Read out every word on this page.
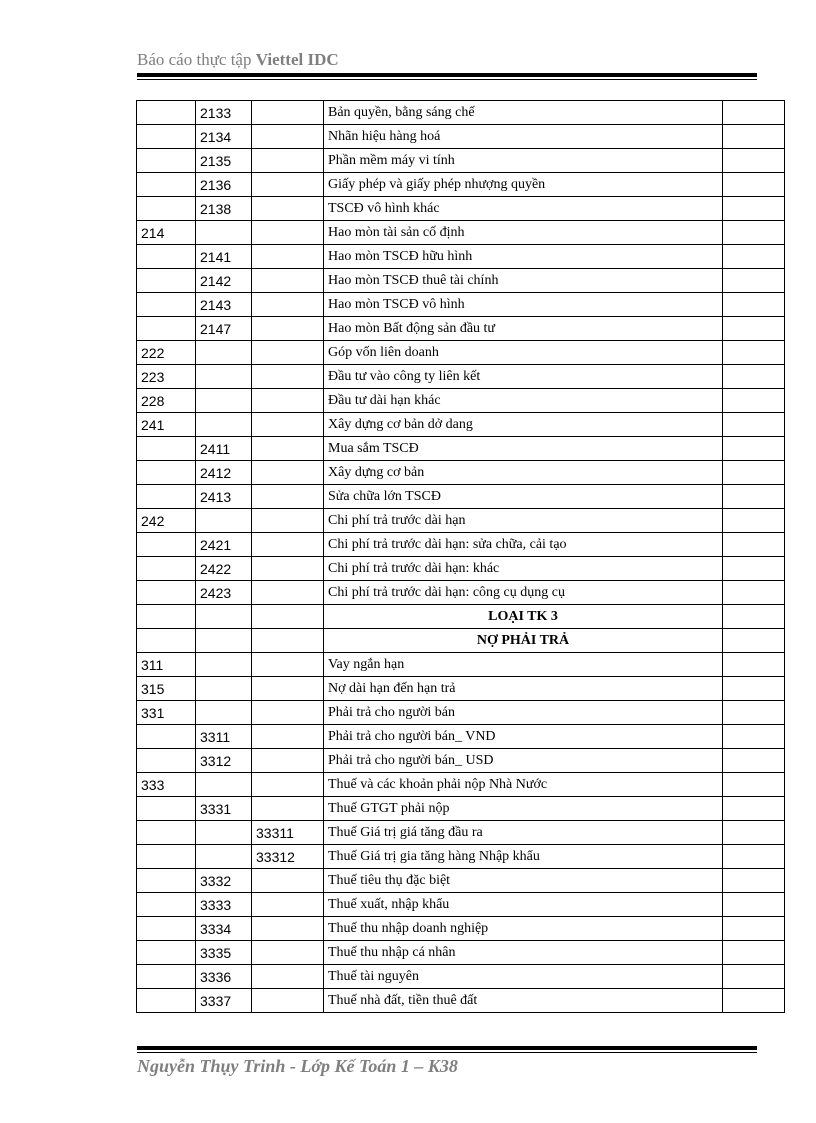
Báo cáo thực tập Viettel IDC
	2133		Bản quyền, bằng sáng chế	
	2134		Nhãn hiệu hàng hoá	
	2135		Phần mềm máy vi tính	
	2136		Giấy phép và giấy phép nhượng quyền	
	2138		TSCĐ vô hình khác	
214			Hao mòn tài sản cố định	
	2141		Hao mòn TSCĐ hữu hình	
	2142		Hao mòn TSCĐ thuê tài chính	
	2143		Hao mòn TSCĐ vô hình	
	2147		Hao mòn Bất động sản đầu tư	
222			Góp vốn liên doanh	
223			Đầu tư vào công ty liên kết	
228			Đầu tư dài hạn khác	
241			Xây dựng cơ bản dở dang	
	2411		Mua sắm TSCĐ	
	2412		Xây dựng cơ bản	
	2413		Sửa chữa lớn TSCĐ	
242			Chi phí trả trước dài hạn	
	2421		Chi phí trả trước dài hạn: sửa chữa, cải tạo	
	2422		Chi phí trả trước dài hạn: khác	
	2423		Chi phí trả trước dài hạn: công cụ dụng cụ	
			LOẠI TK 3	
			NỢ PHẢI TRẢ	
311			Vay ngắn hạn	
315			Nợ dài hạn đến hạn trả	
331			Phải trả cho người bán	
	3311		Phải trả cho người bán_ VND	
	3312		Phải trả cho người bán_ USD	
333			Thuế và các khoản phải nộp Nhà Nước	
	3331		Thuế GTGT phải nộp	
		33311	Thuế Giá trị giá tăng đầu ra	
		33312	Thuế Giá trị gia tăng hàng Nhập khẩu	
	3332		Thuế tiêu thụ đặc biệt	
	3333		Thuế xuất, nhập khẩu	
	3334		Thuế thu nhập doanh nghiệp	
	3335		Thuế thu nhập cá nhân	
	3336		Thuế tài nguyên	
	3337		Thuế nhà đất, tiền thuê đất	
Nguyễn Thụy Trinh - Lớp Kế Toán 1 – K38
